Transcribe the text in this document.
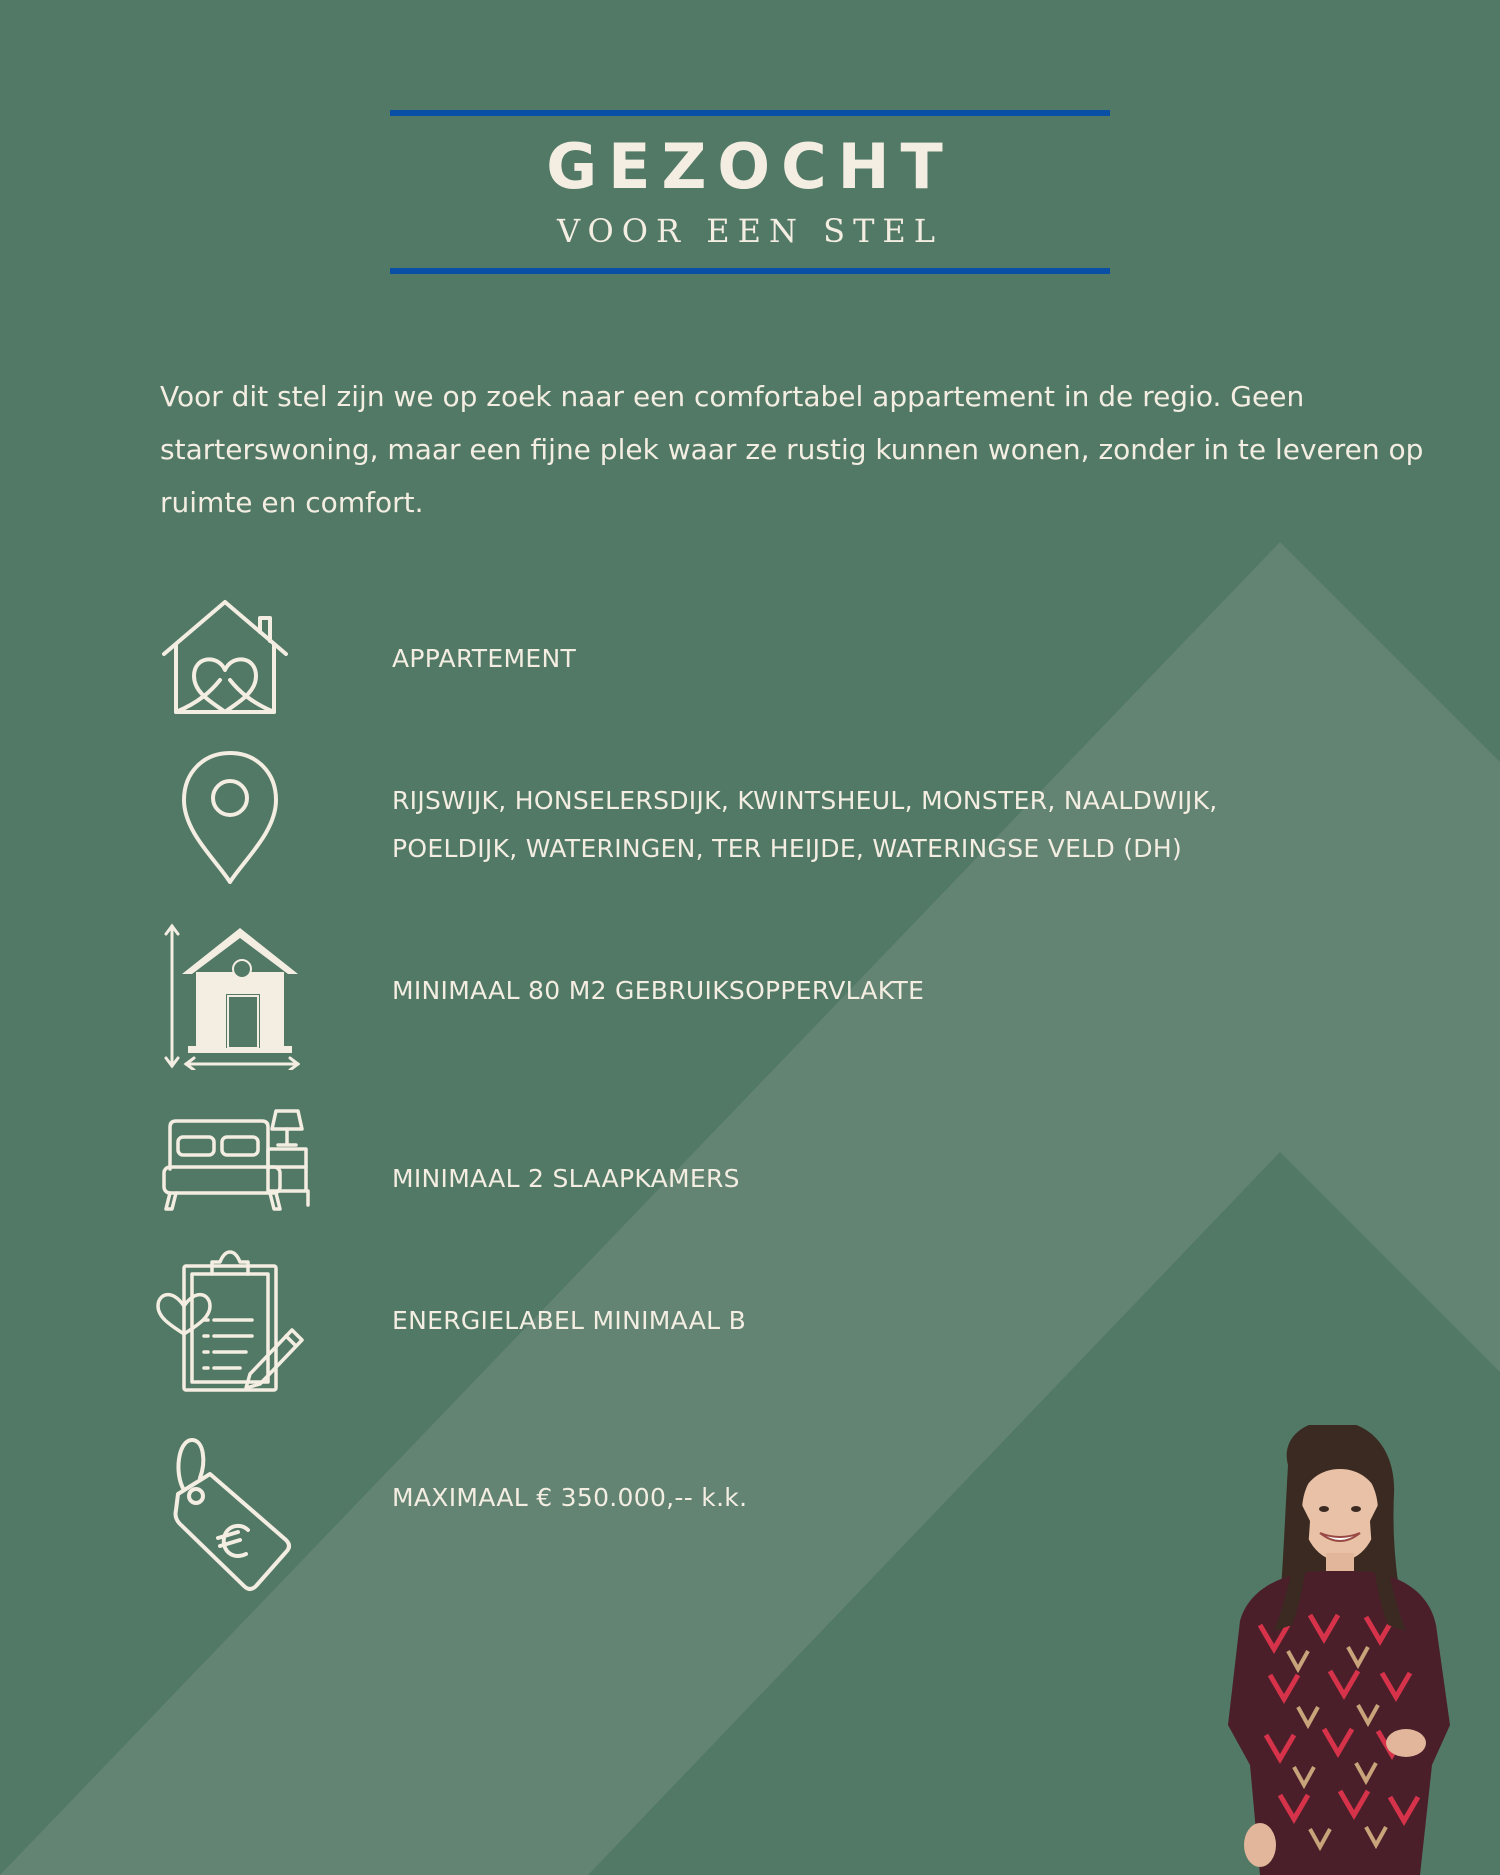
GEZOCHT
VOOR EEN STEL
Voor dit stel zijn we op zoek naar een comfortabel appartement in de regio. Geen starterswoning, maar een fijne plek waar ze rustig kunnen wonen, zonder in te leveren op ruimte en comfort.
APPARTEMENT
RIJSWIJK, HONSELERSDIJK, KWINTSHEUL, MONSTER, NAALDWIJK,
POELDIJK, WATERINGEN, TER HEIJDE, WATERINGSE VELD (DH)
MINIMAAL 80 M2 GEBRUIKSOPPERVLAKTE
MINIMAAL 2 SLAAPKAMERS
ENERGIELABEL MINIMAAL B
MAXIMAAL € 350.000,-- k.k.
